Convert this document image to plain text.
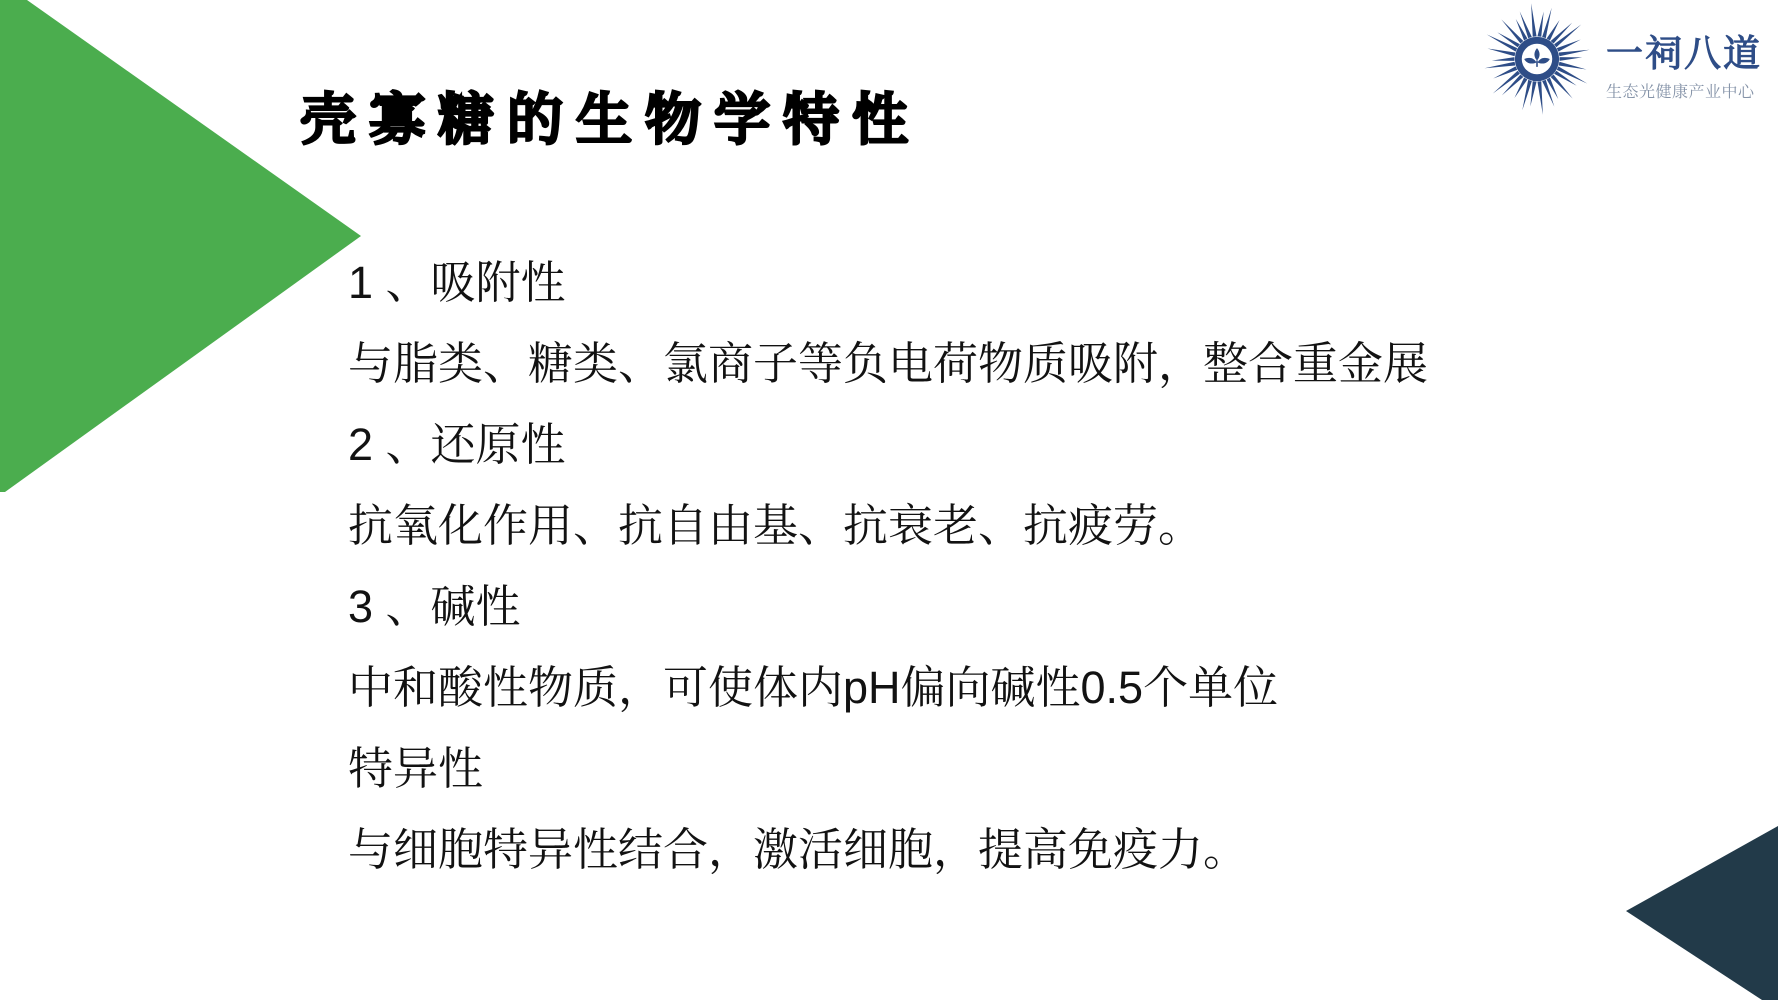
一祠八道
生态光健康产业中心
壳寡糖的生物学特性
1 、吸附性
与脂类、糖类、氯商子等负电荷物质吸附，整合重金展
2 、还原性
抗氧化作用、抗自由基、抗衰老、抗疲劳。
3 、碱性
中和酸性物质，可使体内pH偏向碱性0.5个单位
特异性
与细胞特异性结合，激活细胞，提高免疫力。
